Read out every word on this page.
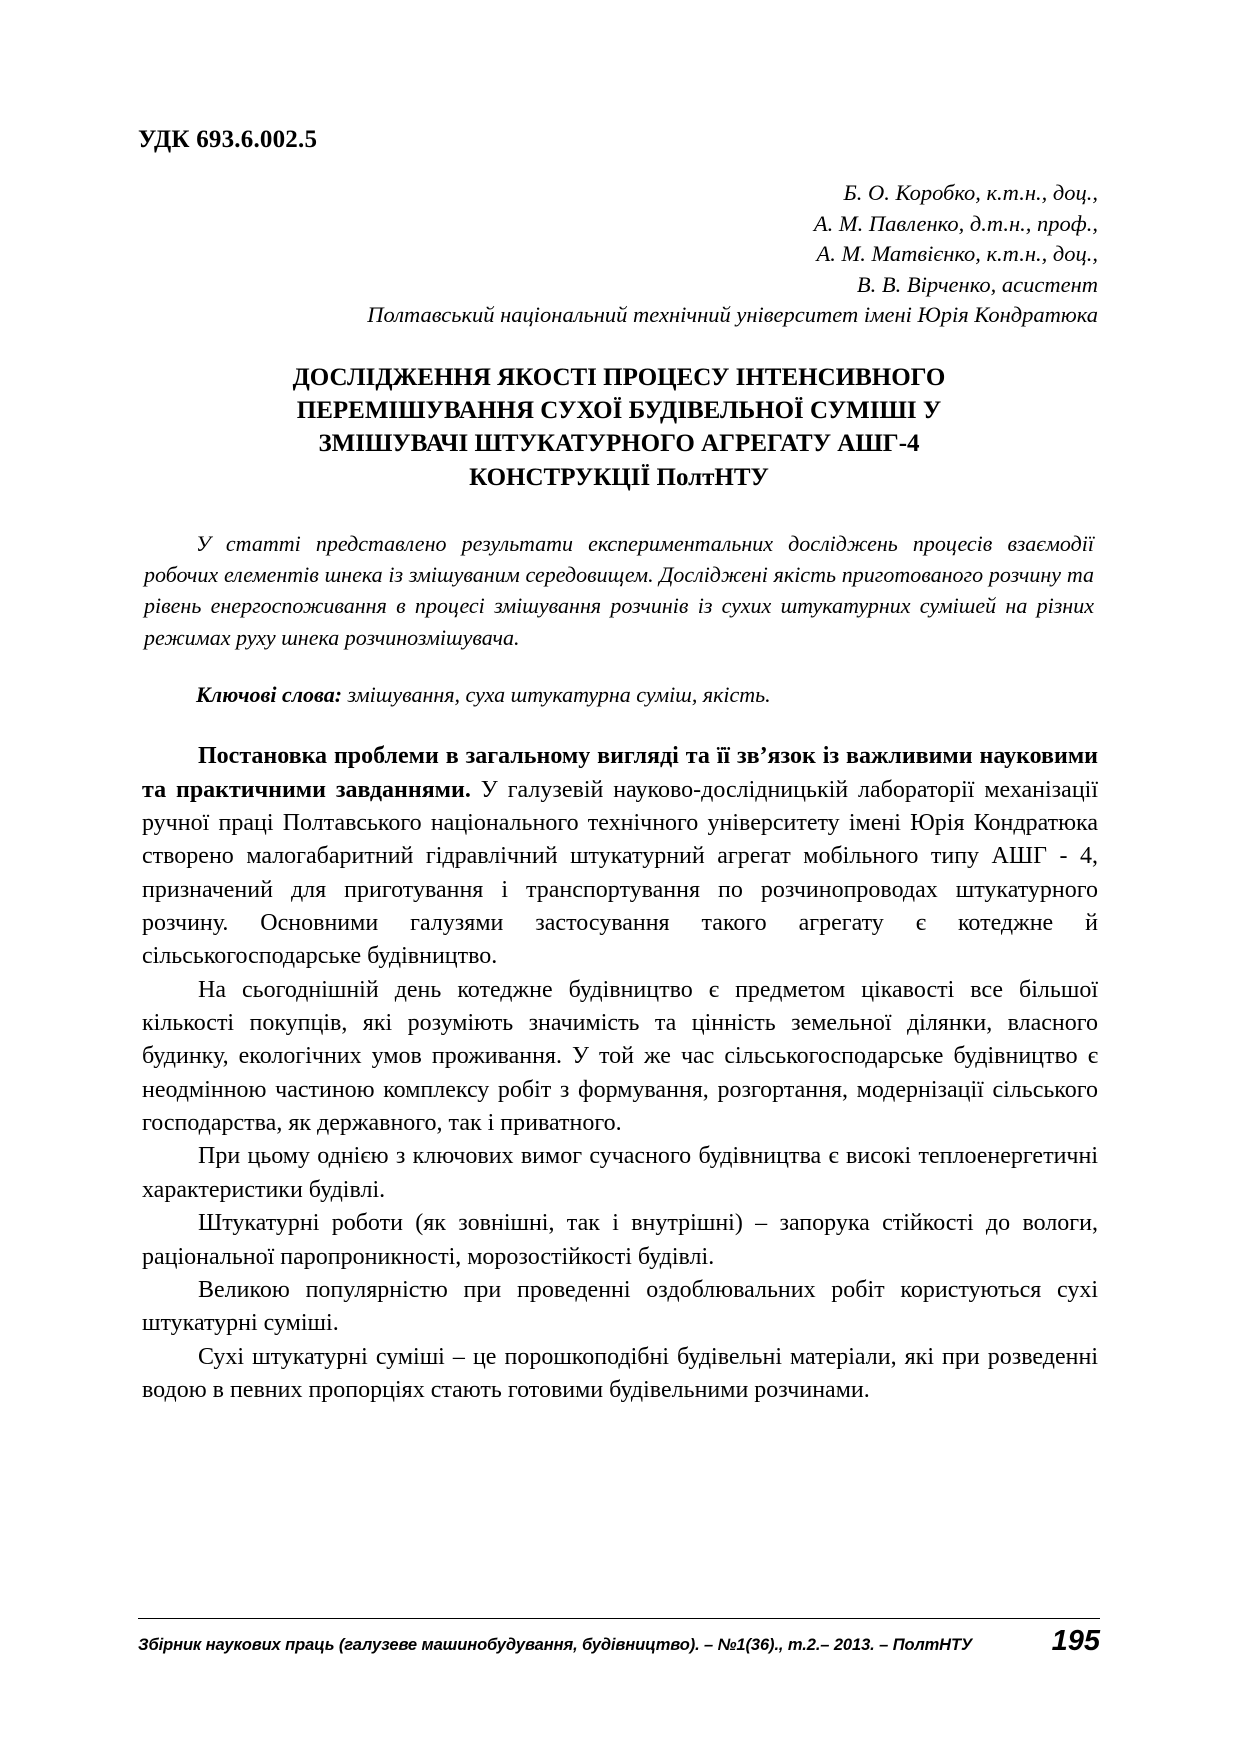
УДК 693.6.002.5
Б. О. Коробко, к.т.н., доц.,
А. М. Павленко, д.т.н., проф.,
А. М. Матвієнко, к.т.н., доц.,
В. В. Вірченко, асистент
Полтавський національний технічний університет імені Юрія Кондратюка
ДОСЛІДЖЕННЯ ЯКОСТІ ПРОЦЕСУ ІНТЕНСИВНОГО
ПЕРЕМІШУВАННЯ СУХОЇ БУДІВЕЛЬНОЇ СУМІШІ У
ЗМІШУВАЧІ ШТУКАТУРНОГО АГРЕГАТУ АШГ-4
КОНСТРУКЦІЇ ПолтНТУ

У статті представлено результати експериментальних досліджень процесів взаємодії робочих елементів шнека із змішуваним середовищем. Досліджені якість приготованого розчину та рівень енергоспоживання в процесі змішування розчинів із сухих штукатурних сумішей на різних режимах руху шнека розчинозмішувача.

Ключові слова: змішування, суха штукатурна суміш, якість.

Постановка проблеми в загальному вигляді та її зв’язок із важливими науковими та практичними завданнями. У галузевій науково-дослідницькій лабораторії механізації ручної праці Полтавського національного технічного університету імені Юрія Кондратюка створено малогабаритний гідравлічний штукатурний агрегат мобільного типу АШГ - 4, призначений для приготування і транспортування по розчинопроводах штукатурного розчину. Основними галузями застосування такого агрегату є котеджне й сільськогосподарське будівництво.

На сьогоднішній день котеджне будівництво є предметом цікавості все більшої кількості покупців, які розуміють значимість та цінність земельної ділянки, власного будинку, екологічних умов проживання. У той же час сільськогосподарське будівництво є неодмінною частиною комплексу робіт з формування, розгортання, модернізації сільського господарства, як державного, так і приватного.

При цьому однією з ключових вимог сучасного будівництва є високі теплоенергетичні характеристики будівлі.

Штукатурні роботи (як зовнішні, так і внутрішні) – запорука стійкості до вологи, раціональної паропроникності, морозостійкості будівлі.

Великою популярністю при проведенні оздоблювальних робіт користуються сухі штукатурні суміші.

Сухі штукатурні суміші – це порошкоподібні будівельні матеріали, які при розведенні водою в певних пропорціях стають готовими будівельними розчинами.

Збірник наукових праць (галузеве машинобудування, будівництво). – №1(36)., т.2.– 2013. – ПолтНТУ	195
